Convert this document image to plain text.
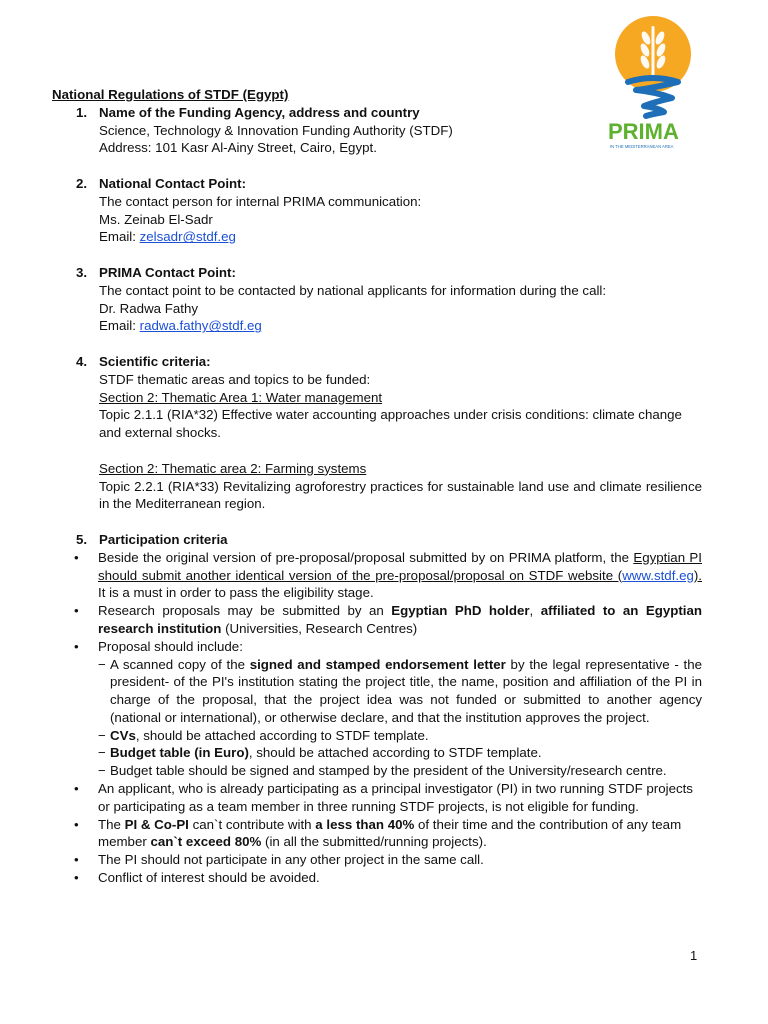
PRIMA
IN THE MEDITERRANEAN AREA
National Regulations of STDF (Egypt)
1. Name of the Funding Agency, address and country
Science, Technology & Innovation Funding Authority (STDF)
Address: 101 Kasr Al-Ainy Street, Cairo, Egypt.
2. National Contact Point:
The contact person for internal PRIMA communication:
Ms. Zeinab El-Sadr
Email: zelsadr@stdf.eg
3. PRIMA Contact Point:
The contact point to be contacted by national applicants for information during the call:
Dr. Radwa Fathy
Email: radwa.fathy@stdf.eg
4. Scientific criteria:
STDF thematic areas and topics to be funded:
Section 2: Thematic Area 1: Water management
Topic 2.1.1 (RIA*32) Effective water accounting approaches under crisis conditions: climate change and external shocks.
Section 2: Thematic area 2: Farming systems
Topic 2.2.1 (RIA*33) Revitalizing agroforestry practices for sustainable land use and climate resilience in the Mediterranean region.
5. Participation criteria
• Beside the original version of pre-proposal/proposal submitted by on PRIMA platform, the Egyptian PI should submit another identical version of the pre-proposal/proposal on STDF website (www.stdf.eg). It is a must in order to pass the eligibility stage.
• Research proposals may be submitted by an Egyptian PhD holder, affiliated to an Egyptian research institution (Universities, Research Centres)
• Proposal should include:
− A scanned copy of the signed and stamped endorsement letter by the legal representative - the president- of the PI's institution stating the project title, the name, position and affiliation of the PI in charge of the proposal, that the project idea was not funded or submitted to another agency (national or international), or otherwise declare, and that the institution approves the project.
− CVs, should be attached according to STDF template.
− Budget table (in Euro), should be attached according to STDF template.
− Budget table should be signed and stamped by the president of the University/research centre.
• An applicant, who is already participating as a principal investigator (PI) in two running STDF projects or participating as a team member in three running STDF projects, is not eligible for funding.
• The PI & Co-PI can`t contribute with a less than 40% of their time and the contribution of any team member can`t exceed 80% (in all the submitted/running projects).
• The PI should not participate in any other project in the same call.
• Conflict of interest should be avoided.
1
